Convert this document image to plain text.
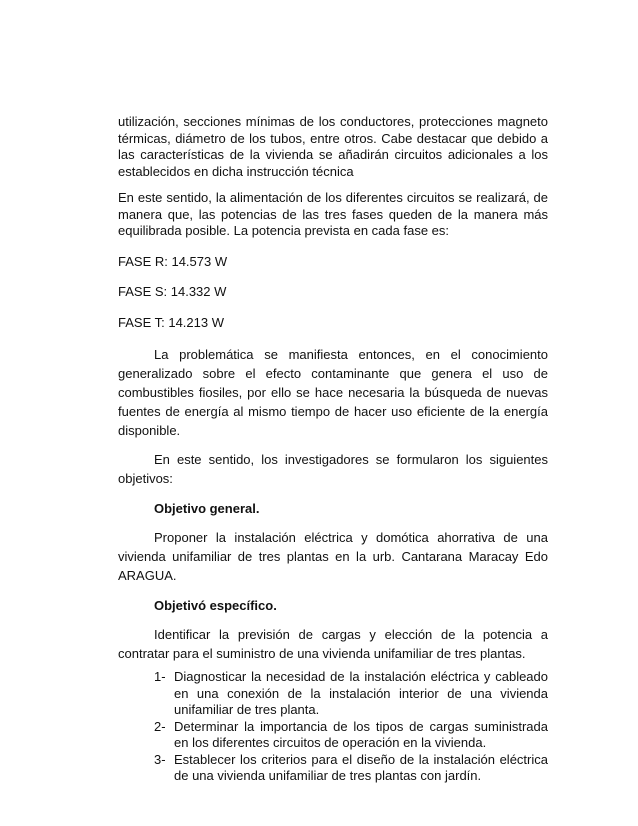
utilización, secciones mínimas de los conductores, protecciones magneto térmicas, diámetro de los tubos, entre otros. Cabe destacar que debido a las características de la vivienda se añadirán circuitos adicionales a los establecidos en dicha instrucción técnica

En este sentido, la alimentación de los diferentes circuitos se realizará, de manera que, las potencias de las tres fases queden de la manera más equilibrada posible. La potencia prevista en cada fase es:

FASE R: 14.573 W

FASE S: 14.332 W

FASE T: 14.213 W

La problemática se manifiesta entonces, en el conocimiento generalizado sobre el efecto contaminante que genera el uso de combustibles fiosiles, por ello se hace necesaria la búsqueda de nuevas fuentes de energía al mismo tiempo de hacer uso eficiente de la energía disponible.

En este sentido, los investigadores se formularon los siguientes objetivos:

Objetivo general.

Proponer la instalación eléctrica y domótica ahorrativa de una vivienda unifamiliar de tres plantas en la urb. Cantarana Maracay Edo ARAGUA.

Objetivó específico.

Identificar la previsión de cargas y elección de la potencia a contratar para el suministro de una vivienda unifamiliar de tres plantas.

1- Diagnosticar la necesidad de la instalación eléctrica y cableado en una conexión de la instalación interior de una vivienda unifamiliar de tres planta.
2- Determinar la importancia de los tipos de cargas suministrada en los diferentes circuitos de operación en la vivienda.
3- Establecer los criterios para el diseño de la instalación eléctrica de una vivienda unifamiliar de tres plantas con jardín.
